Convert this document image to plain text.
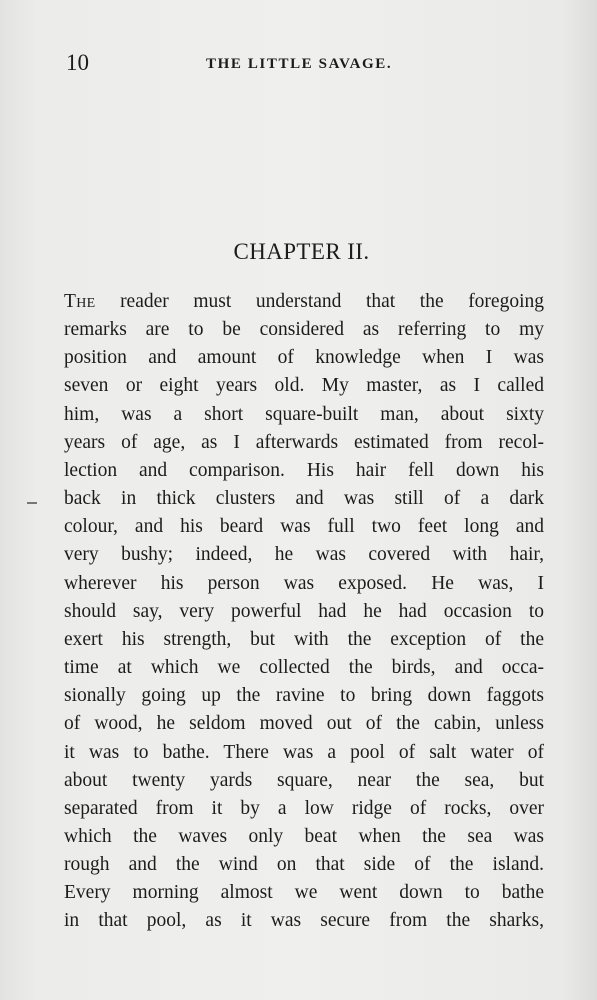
10	THE LITTLE SAVAGE.
CHAPTER II.
The reader must understand that the foregoing
remarks are to be considered as referring to my
position and amount of knowledge when I was
seven or eight years old. My master, as I called
him, was a short square-built man, about sixty
years of age, as I afterwards estimated from recol-
lection and comparison. His hair fell down his
back in thick clusters and was still of a dark
colour, and his beard was full two feet long and
very bushy; indeed, he was covered with hair,
wherever his person was exposed. He was, I
should say, very powerful had he had occasion to
exert his strength, but with the exception of the
time at which we collected the birds, and occa-
sionally going up the ravine to bring down faggots
of wood, he seldom moved out of the cabin, unless
it was to bathe. There was a pool of salt water of
about twenty yards square, near the sea, but
separated from it by a low ridge of rocks, over
which the waves only beat when the sea was
rough and the wind on that side of the island.
Every morning almost we went down to bathe
in that pool, as it was secure from the sharks,
